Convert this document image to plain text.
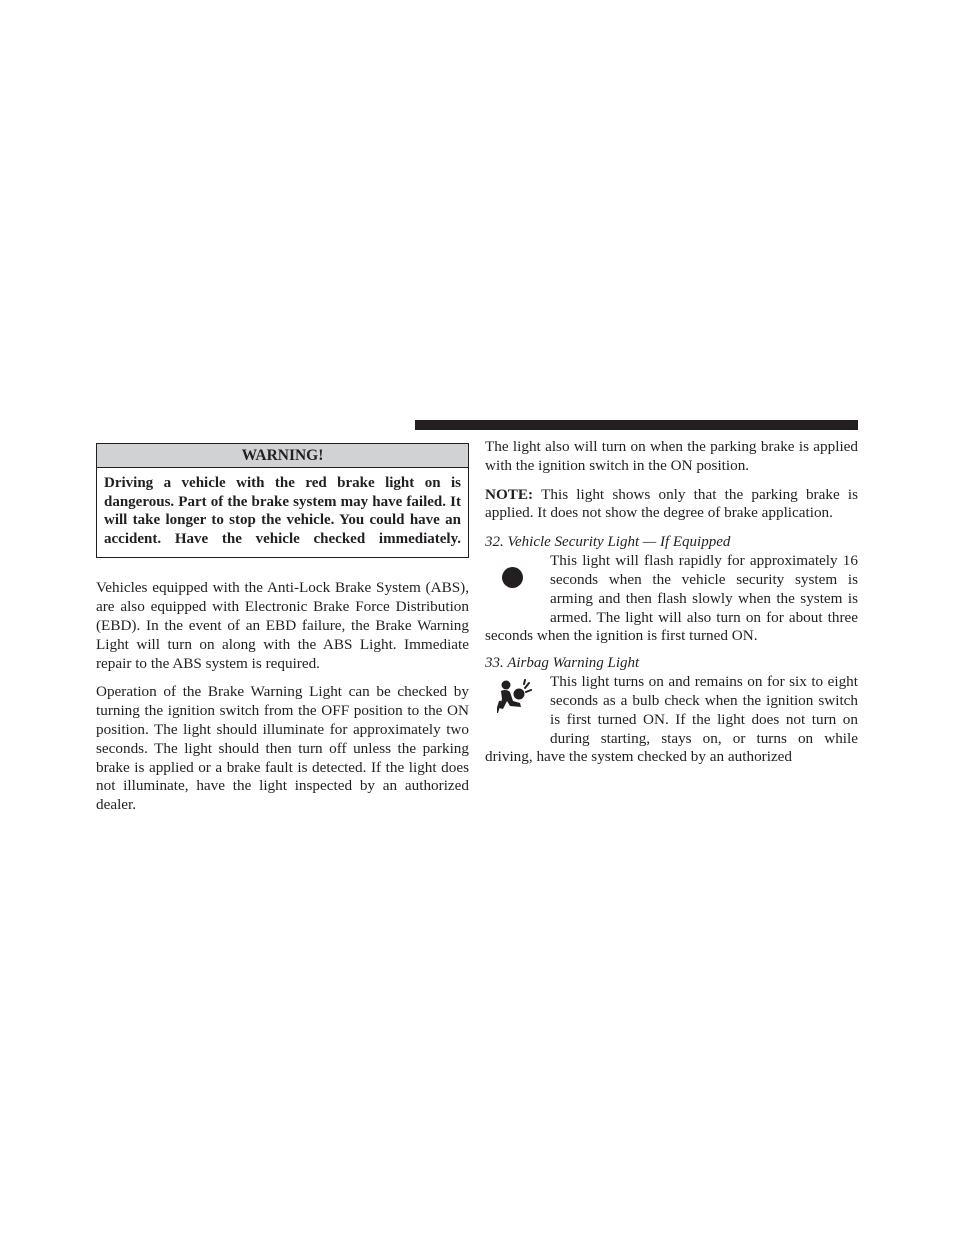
WARNING!
Driving a vehicle with the red brake light on is dangerous. Part of the brake system may have failed. It will take longer to stop the vehicle. You could have an accident. Have the vehicle checked immediately.

Vehicles equipped with the Anti-Lock Brake System (ABS), are also equipped with Electronic Brake Force Distribution (EBD). In the event of an EBD failure, the Brake Warning Light will turn on along with the ABS Light. Immediate repair to the ABS system is required.

Operation of the Brake Warning Light can be checked by turning the ignition switch from the OFF position to the ON position. The light should illuminate for approximately two seconds. The light should then turn off unless the parking brake is applied or a brake fault is detected. If the light does not illuminate, have the light inspected by an authorized dealer.

The light also will turn on when the parking brake is applied with the ignition switch in the ON position.

NOTE: This light shows only that the parking brake is applied. It does not show the degree of brake application.

32. Vehicle Security Light — If Equipped

This light will flash rapidly for approximately 16 seconds when the vehicle security system is arming and then flash slowly when the system is armed. The light will also turn on for about three seconds when the ignition is first turned ON.

33. Airbag Warning Light

This light turns on and remains on for six to eight seconds as a bulb check when the ignition switch is first turned ON. If the light does not turn on during starting, stays on, or turns on while driving, have the system checked by an authorized
